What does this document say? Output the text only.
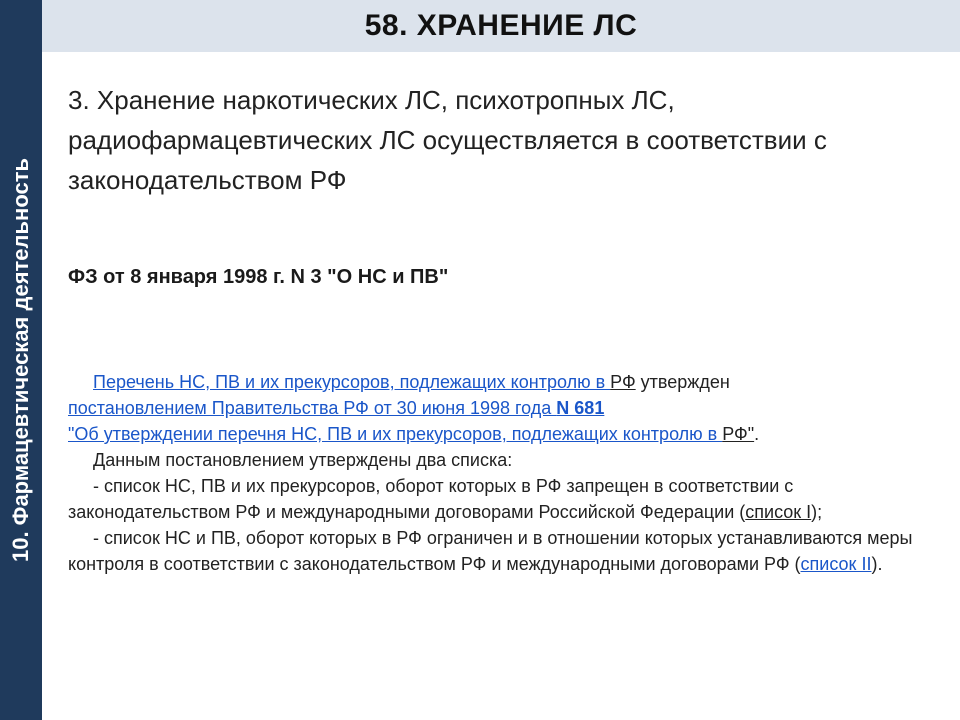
10. Фармацевтическая деятельность
58. ХРАНЕНИЕ ЛС
3. Хранение наркотических ЛС, психотропных ЛС, радиофармацевтических ЛС осуществляется в соответствии с законодательством РФ
ФЗ от 8 января 1998 г. N 3 "О НС и ПВ"

Перечень НС, ПВ и их прекурсоров, подлежащих контролю в РФ утвержден

постановлением Правительства РФ от 30 июня 1998 года N 681

"Об утверждении перечня НС, ПВ и их прекурсоров, подлежащих контролю в РФ".

Данным постановлением утверждены два списка:

- список НС, ПВ и их прекурсоров, оборот которых в РФ запрещен в соответствии с законодательством РФ и международными договорами Российской Федерации (список I);

- список НС и ПВ, оборот которых в РФ ограничен и в отношении которых устанавливаются меры контроля в соответствии с законодательством РФ и международными договорами РФ (список II).
